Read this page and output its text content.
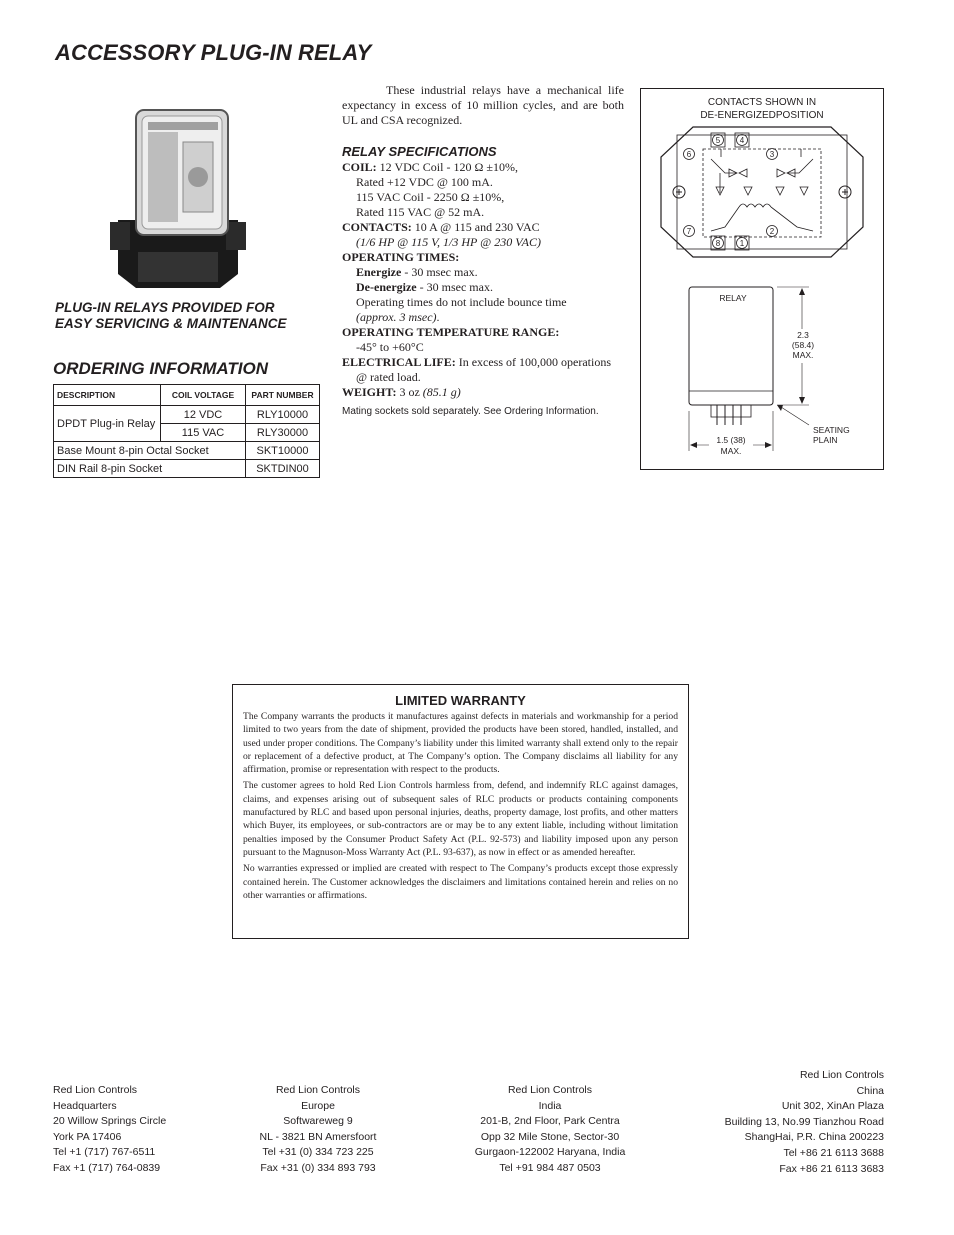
ACCESSORY PLUG-IN RELAY
PLUG-IN RELAYS PROVIDED FOR
EASY SERVICING & MAINTENANCE
ORDERING INFORMATION
DESCRIPTION	COIL VOLTAGE	PART NUMBER
DPDT Plug-in Relay	12 VDC	RLY10000
	115 VAC	RLY30000
Base Mount 8-pin Octal Socket		SKT10000
DIN Rail 8-pin Socket		SKTDIN00
These industrial relays have a mechanical life expectancy in excess of 10 million cycles, and are both UL and CSA recognized.
RELAY SPECIFICATIONS
COIL: 12 VDC Coil - 120 Ω ±10%,
Rated +12 VDC @ 100 mA.
115 VAC Coil - 2250 Ω ±10%,
Rated 115 VAC @ 52 mA.
CONTACTS: 10 A @ 115 and 230 VAC
(1/6 HP @ 115 V, 1/3 HP @ 230 VAC)
OPERATING TIMES:
Energize - 30 msec max.
De-energize - 30 msec max.
Operating times do not include bounce time
(approx. 3 msec).
OPERATING TEMPERATURE RANGE:
-45° to +60°C
ELECTRICAL LIFE: In excess of 100,000 operations
@ rated load.
WEIGHT: 3 oz (85.1 g)
Mating sockets sold separately. See Ordering Information.
CONTACTS SHOWN IN
DE-ENERGIZEDPOSITION
5 4
6	3
7	2
8 1
RELAY
2.3
(58.4)
MAX.
1.5 (38)
MAX.
SEATING
PLAIN
LIMITED WARRANTY

The Company warrants the products it manufactures against defects in materials and workmanship for a period limited to two years from the date of shipment, provided the products have been stored, handled, installed, and used under proper conditions. The Company’s liability under this limited warranty shall extend only to the repair or replacement of a defective product, at The Company’s option. The Company disclaims all liability for any affirmation, promise or representation with respect to the products.

The customer agrees to hold Red Lion Controls harmless from, defend, and indemnify RLC against damages, claims, and expenses arising out of subsequent sales of RLC products or products containing components manufactured by RLC and based upon personal injuries, deaths, property damage, lost profits, and other matters which Buyer, its employees, or sub-contractors are or may be to any extent liable, including without limitation penalties imposed by the Consumer Product Safety Act (P.L. 92-573) and liability imposed upon any person pursuant to the Magnuson-Moss Warranty Act (P.L. 93-637), as now in effect or as amended hereafter.

No warranties expressed or implied are created with respect to The Company’s products except those expressly contained herein. The Customer acknowledges the disclaimers and limitations contained herein and relies on no other warranties or affirmations.

Red Lion Controls
Headquarters
20 Willow Springs Circle
York PA 17406
Tel +1 (717) 767-6511
Fax +1 (717) 764-0839
Red Lion Controls
Europe
Softwareweg 9
NL - 3821 BN Amersfoort
Tel +31 (0) 334 723 225
Fax +31 (0) 334 893 793
Red Lion Controls
India
201-B, 2nd Floor, Park Centra
Opp 32 Mile Stone, Sector-30
Gurgaon-122002 Haryana, India
Tel +91 984 487 0503
Red Lion Controls
China
Unit 302, XinAn Plaza
Building 13, No.99 Tianzhou Road
ShangHai, P.R. China 200223
Tel +86 21 6113 3688
Fax +86 21 6113 3683
